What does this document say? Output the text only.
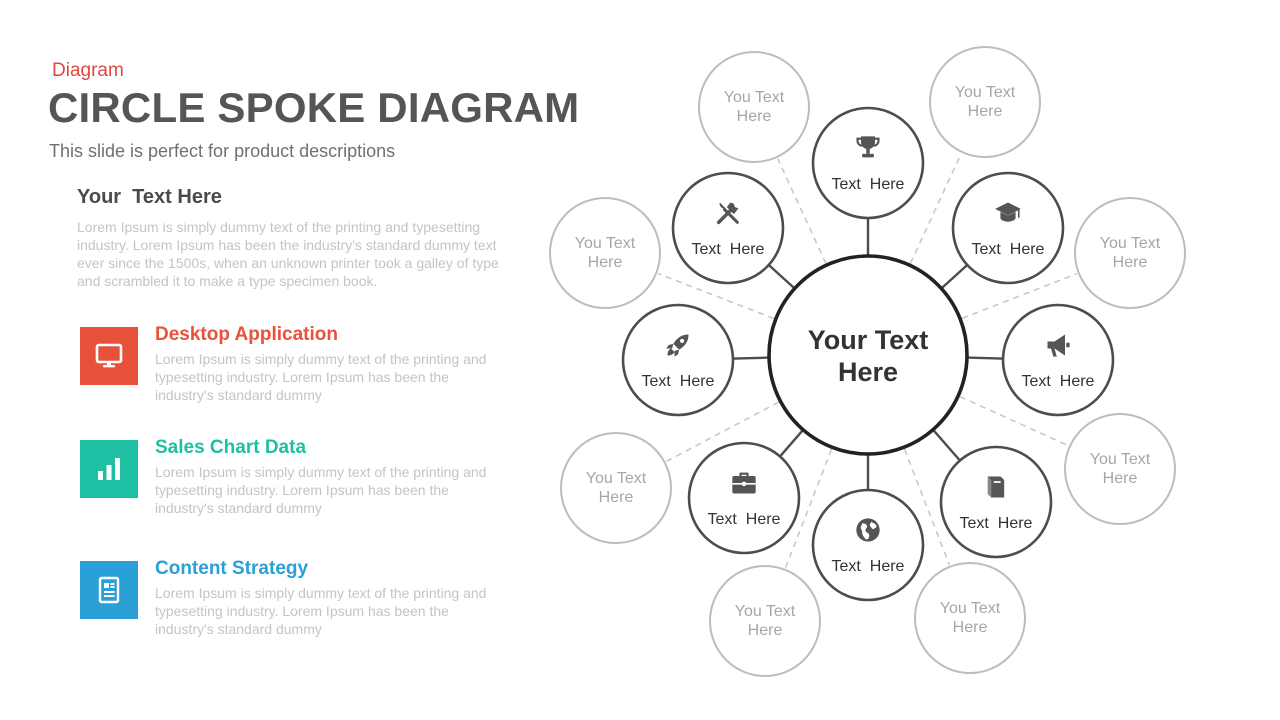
Diagram
CIRCLE SPOKE DIAGRAM
This slide is perfect for product descriptions
Your  Text Here
Lorem Ipsum is simply dummy text of the printing and typesetting industry. Lorem Ipsum has been the industry's standard dummy text ever since the 1500s, when an unknown printer took a galley of type and scrambled it to make a type specimen book.
Desktop Application
Lorem Ipsum is simply dummy text of the printing and typesetting industry. Lorem Ipsum has been the industry's standard dummy
Sales Chart Data
Lorem Ipsum is simply dummy text of the printing and typesetting industry. Lorem Ipsum has been the industry's standard dummy
Content Strategy
Lorem Ipsum is simply dummy text of the printing and typesetting industry. Lorem Ipsum has been the industry's standard dummy
You Text
Here
You Text
Here
You Text
Here
You Text
Here
You Text
Here
You Text
Here
You Text
Here
You Text
Here
Text  Here
Text  Here
Text  Here
Text  Here
Text  Here
Text  Here
Text  Here
Text  Here
Your Text
Here
